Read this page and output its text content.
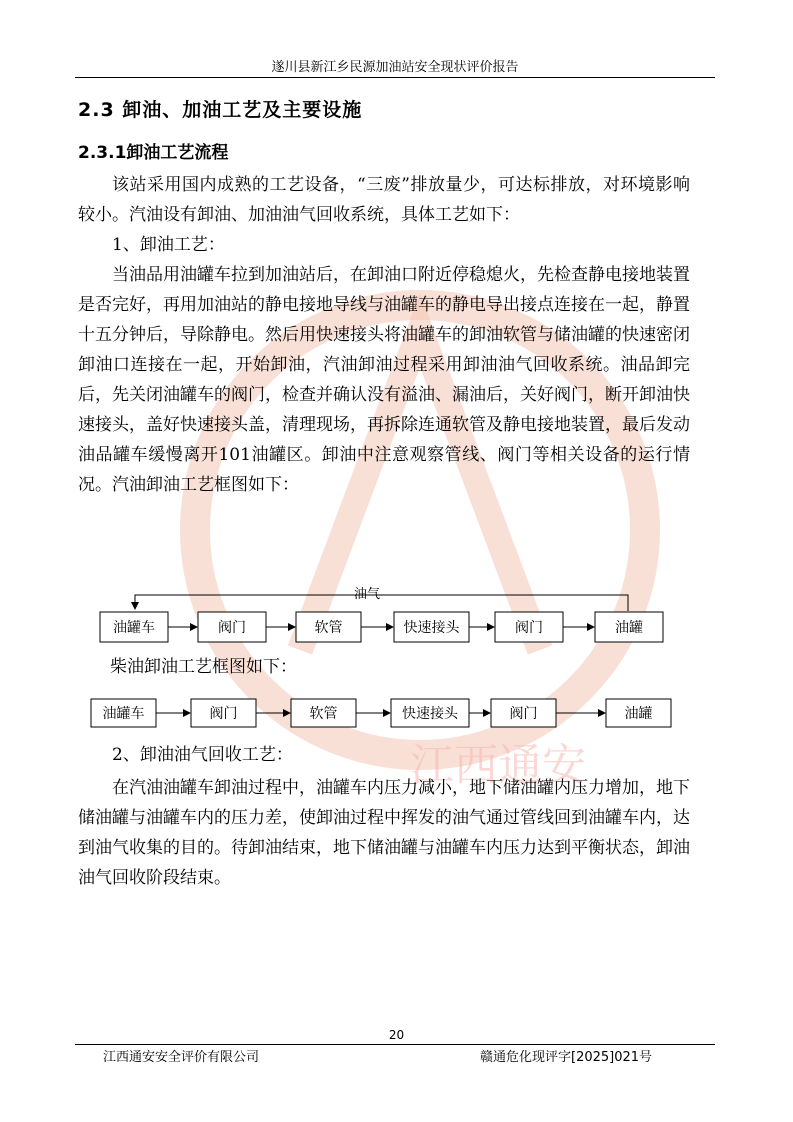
江西通安
遂川县新江乡民源加油站安全现状评价报告
2.3 卸油、加油工艺及主要设施
2.3.1卸油工艺流程

该站采用国内成熟的工艺设备，“三废”排放量少，可达标排放，对环境影响较小。汽油设有卸油、加油油气回收系统，具体工艺如下：

1、卸油工艺：

当油品用油罐车拉到加油站后，在卸油口附近停稳熄火，先检查静电接地装置是否完好，再用加油站的静电接地导线与油罐车的静电导出接点连接在一起，静置十五分钟后，导除静电。然后用快速接头将油罐车的卸油软管与储油罐的快速密闭卸油口连接在一起，开始卸油，汽油卸油过程采用卸油油气回收系统。油品卸完后，先关闭油罐车的阀门，检查并确认没有溢油、漏油后，关好阀门，断开卸油快速接头，盖好快速接头盖，清理现场，再拆除连通软管及静电接地装置，最后发动油品罐车缓慢离开101油罐区。卸油中注意观察管线、阀门等相关设备的运行情况。汽油卸油工艺框图如下：

油气
油罐车	阀门	软管	快速接头	阀门	油罐

柴油卸油工艺框图如下：

油罐车	阀门	软管	快速接头	阀门	油罐

2、卸油油气回收工艺：

在汽油油罐车卸油过程中，油罐车内压力减小，地下储油罐内压力增加，地下储油罐与油罐车内的压力差，使卸油过程中挥发的油气通过管线回到油罐车内，达到油气收集的目的。待卸油结束，地下储油罐与油罐车内压力达到平衡状态，卸油油气回收阶段结束。

20
江西通安安全评价有限公司	赣通危化现评字[2025]021号
